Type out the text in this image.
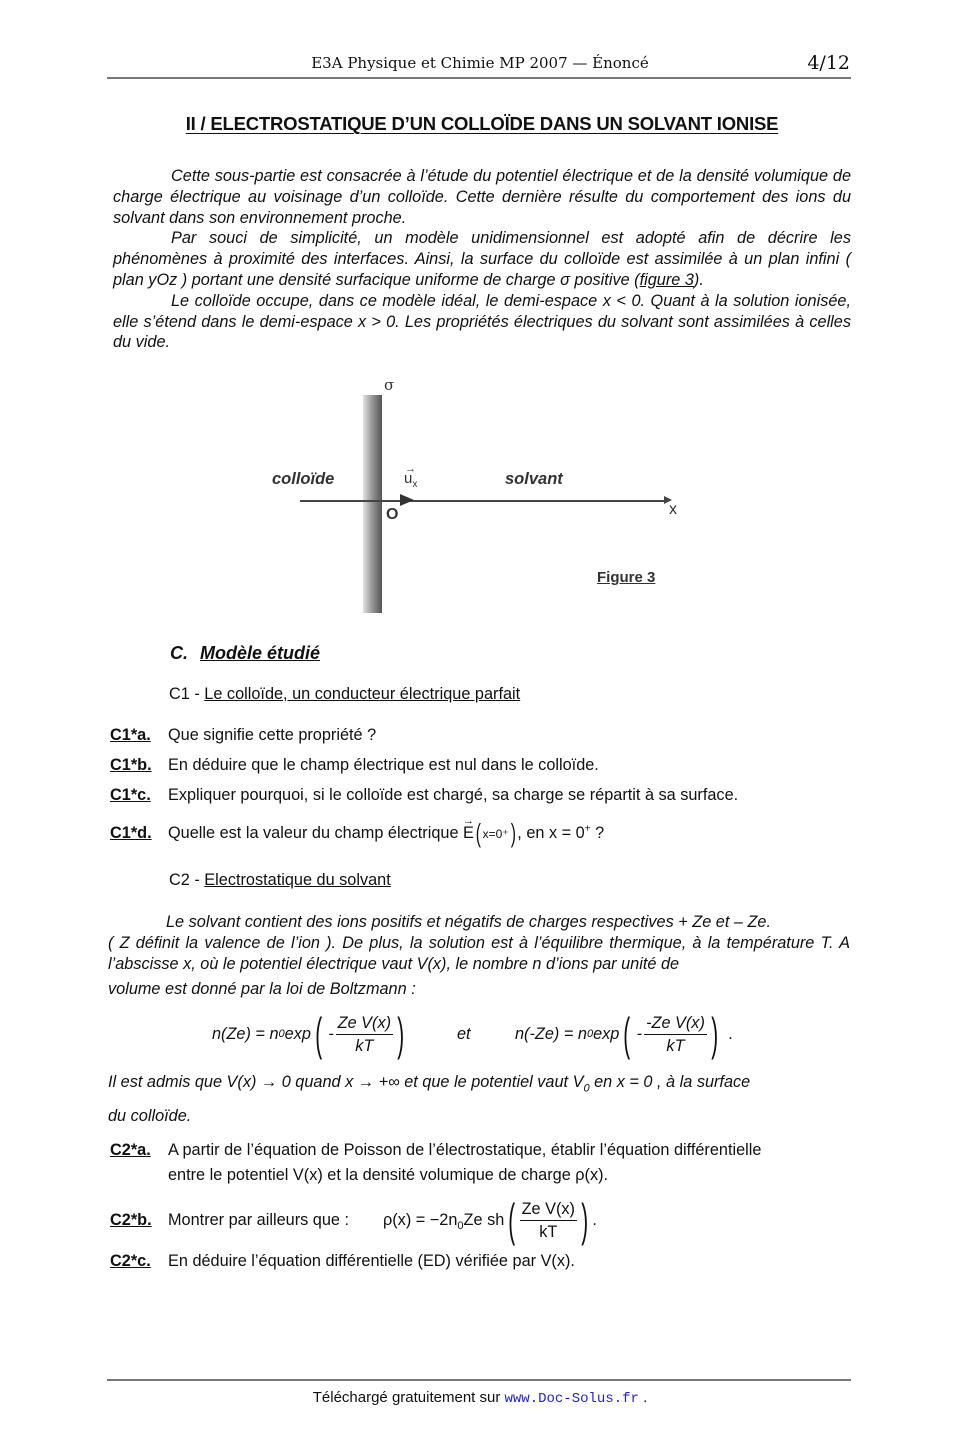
E3A Physique et Chimie MP 2007 — Énoncé	4/12
II / ELECTROSTATIQUE D’UN COLLOÏDE DANS UN SOLVANT IONISE

Cette sous-partie est consacrée à l’étude du potentiel électrique et de la densité volumique de charge électrique au voisinage d’un colloïde. Cette dernière résulte du comportement des ions du solvant dans son environnement proche.

Par souci de simplicité, un modèle unidimensionnel est adopté afin de décrire les phénomènes à proximité des interfaces. Ainsi, la surface du colloïde est assimilée à un plan infini ( plan yOz ) portant une densité surfacique uniforme de charge σ positive (figure 3).

Le colloïde occupe, dans ce modèle idéal, le demi-espace x < 0. Quant à la solution ionisée, elle s’étend dans le demi-espace x > 0. Les propriétés électriques du solvant sont assimilées à celles du vide.

σ
colloïde
→
$u_x$	solvant
O	x
Figure 3
C. Modèle étudié
C1 - Le colloïde, un conducteur électrique parfait
C1*a. Que signifie cette propriété ?
C1*b. En déduire que le champ électrique est nul dans le colloïde.
C1*c. Expliquer pourquoi, si le colloïde est chargé, sa charge se répartit à sa surface.
C1*d. Quelle est la valeur du champ électrique
→
E( x=0⁺) , en x = 0+ ?
C2 - Electrostatique du solvant

Le solvant contient des ions positifs et négatifs de charges respectives + Ze et – Ze.

( Z définit la valence de l’ion ). De plus, la solution est à l’équilibre thermique, à la température T. A l’abscisse x, où le potentiel électrique vaut V(x), le nombre n d’ions par unité de

volume est donné par la loi de Boltzmann :

n(Ze) = n 0 exp ( - $\frac{\text{Ze V(x)}}{kT}$ )	et	n(-Ze) = n 0 exp ( - $\frac{\text{-Ze V(x)}}{kT}$ ) .
Il est admis que V(x) → 0 quand x → +∞ et que le potentiel vaut $V_0$ en x = 0 , à la surface
du colloïde.
C2*a. A partir de l’équation de Poisson de l’électrostatique, établir l’équation différentielle
entre le potentiel V(x) et la densité volumique de charge ρ(x).
C2*b.	Montrer par ailleurs que : $\rho(x) = -2n_0$ Ze sh ( $\frac{\text{Ze V(x)}}{kT}$ ) .
C2*c. En déduire l’équation différentielle (ED) vérifiée par V(x).
Téléchargé gratuitement sur www.Doc-Solus.fr .
